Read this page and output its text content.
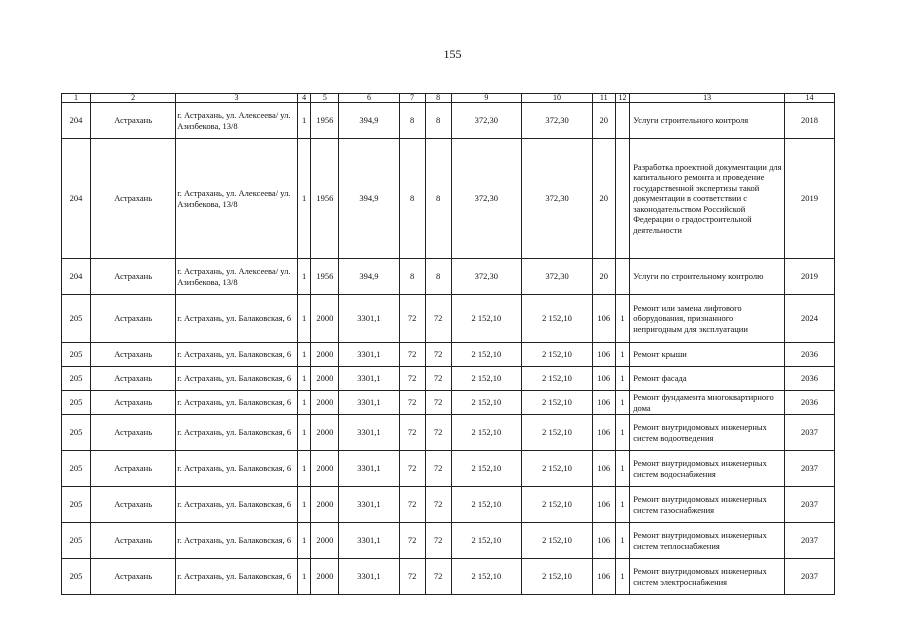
155
1	2	3	4	5	6	7	8	9	10	11	12	13	14
204	Астрахань	г. Астрахань, ул. Алексеевa/ ул. Азизбекова, 13/8	1	1956	394,9	8	8	372,30	372,30	20		Услуги строительного контроля	2018
204	Астрахань	г. Астрахань, ул. Алексеева/ ул. Азизбекова, 13/8	1	1956	394,9	8	8	372,30	372,30	20		Разработка проектной документации для капитального ремонта и проведение государственной экспертизы такой документации в соответствии с законодательством Российской Федерации о градостроительной деятельности	2019
204	Астрахань	г. Астрахань, ул. Алексеевa/ ул. Азизбекова, 13/8	1	1956	394,9	8	8	372,30	372,30	20		Услуги по строительному контролю	2019
205	Астрахань	г. Астрахань, ул. Балаковская, 6	1	2000	3301,1	72	72	2 152,10	2 152,10	106	1	Ремонт или замена лифтового оборудования, признанного непригодным для эксплуатации	2024
205	Астрахань	г. Астрахань, ул. Балаковская, 6	1	2000	3301,1	72	72	2 152,10	2 152,10	106	1	Ремонт крыши	2036
205	Астрахань	г. Астрахань, ул. Балаковская, 6	1	2000	3301,1	72	72	2 152,10	2 152,10	106	1	Ремонт фасада	2036
205	Астрахань	г. Астрахань, ул. Балаковская, 6	1	2000	3301,1	72	72	2 152,10	2 152,10	106	1	Ремонт фундамента многоквартирного дома	2036
205	Астрахань	г. Астрахань, ул. Балаковская, 6	1	2000	3301,1	72	72	2 152,10	2 152,10	106	1	Ремонт внутридомовых инженерных систем водоотведения	2037
205	Астрахань	г. Астрахань, ул. Балаковская, 6	1	2000	3301,1	72	72	2 152,10	2 152,10	106	1	Ремонт внутридомовых инженерных систем водоснабжения	2037
205	Астрахань	г. Астрахань, ул. Балаковская, 6	1	2000	3301,1	72	72	2 152,10	2 152,10	106	1	Ремонт внутридомовых инженерных систем газоснабжения	2037
205	Астрахань	г. Астрахань, ул. Балаковская, 6	1	2000	3301,1	72	72	2 152,10	2 152,10	106	1	Ремонт внутридомовых инженерных систем теплоснабжения	2037
205	Астрахань	г. Астрахань, ул. Балаковская, 6	1	2000	3301,1	72	72	2 152,10	2 152,10	106	1	Ремонт внутридомовых инженерных систем электроснабжения	2037
